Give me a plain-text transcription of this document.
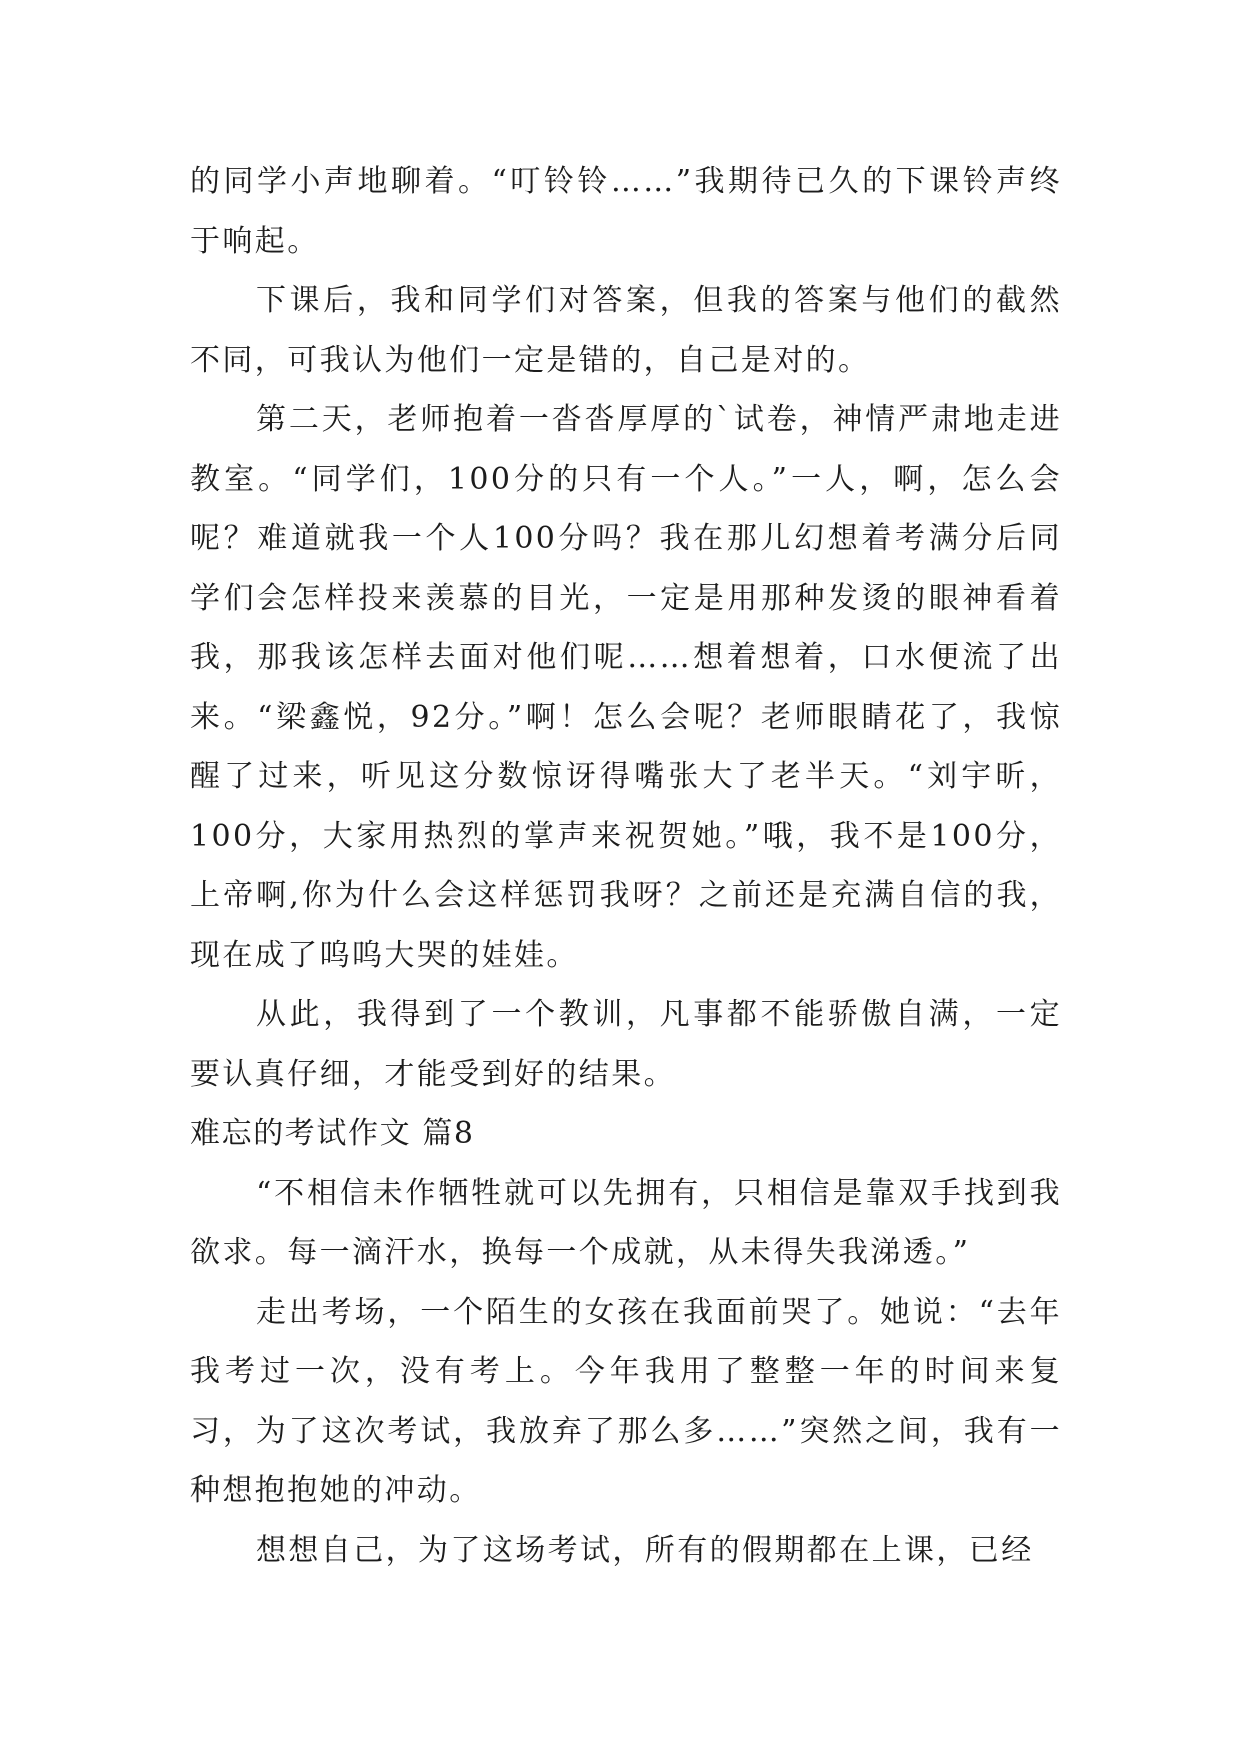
的同学小声地聊着。“叮铃铃……”我期待已久的下课铃声终于响起。

下课后，我和同学们对答案，但我的答案与他们的截然不同，可我认为他们一定是错的，自己是对的。

第二天，老师抱着一沓沓厚厚的`试卷，神情严肃地走进教室。“同学们，100分的只有一个人。”一人，啊，怎么会呢？难道就我一个人100分吗？我在那儿幻想着考满分后同学们会怎样投来羡慕的目光，一定是用那种发烫的眼神看着我，那我该怎样去面对他们呢……想着想着，口水便流了出来。“梁鑫悦，92分。”啊！怎么会呢？老师眼睛花了，我惊醒了过来，听见这分数惊讶得嘴张大了老半天。“刘宇昕，100分，大家用热烈的掌声来祝贺她。”哦，我不是100分，上帝啊,你为什么会这样惩罚我呀？之前还是充满自信的我，现在成了呜呜大哭的娃娃。

从此，我得到了一个教训，凡事都不能骄傲自满，一定要认真仔细，才能受到好的结果。

难忘的考试作文 篇8

“不相信未作牺牲就可以先拥有，只相信是靠双手找到我欲求。每一滴汗水，换每一个成就，从未得失我涕透。”

走出考场，一个陌生的女孩在我面前哭了。她说：“去年我考过一次，没有考上。今年我用了整整一年的时间来复习，为了这次考试，我放弃了那么多……”突然之间，我有一种想抱抱她的冲动。

想想自己，为了这场考试，所有的假期都在上课，已经
